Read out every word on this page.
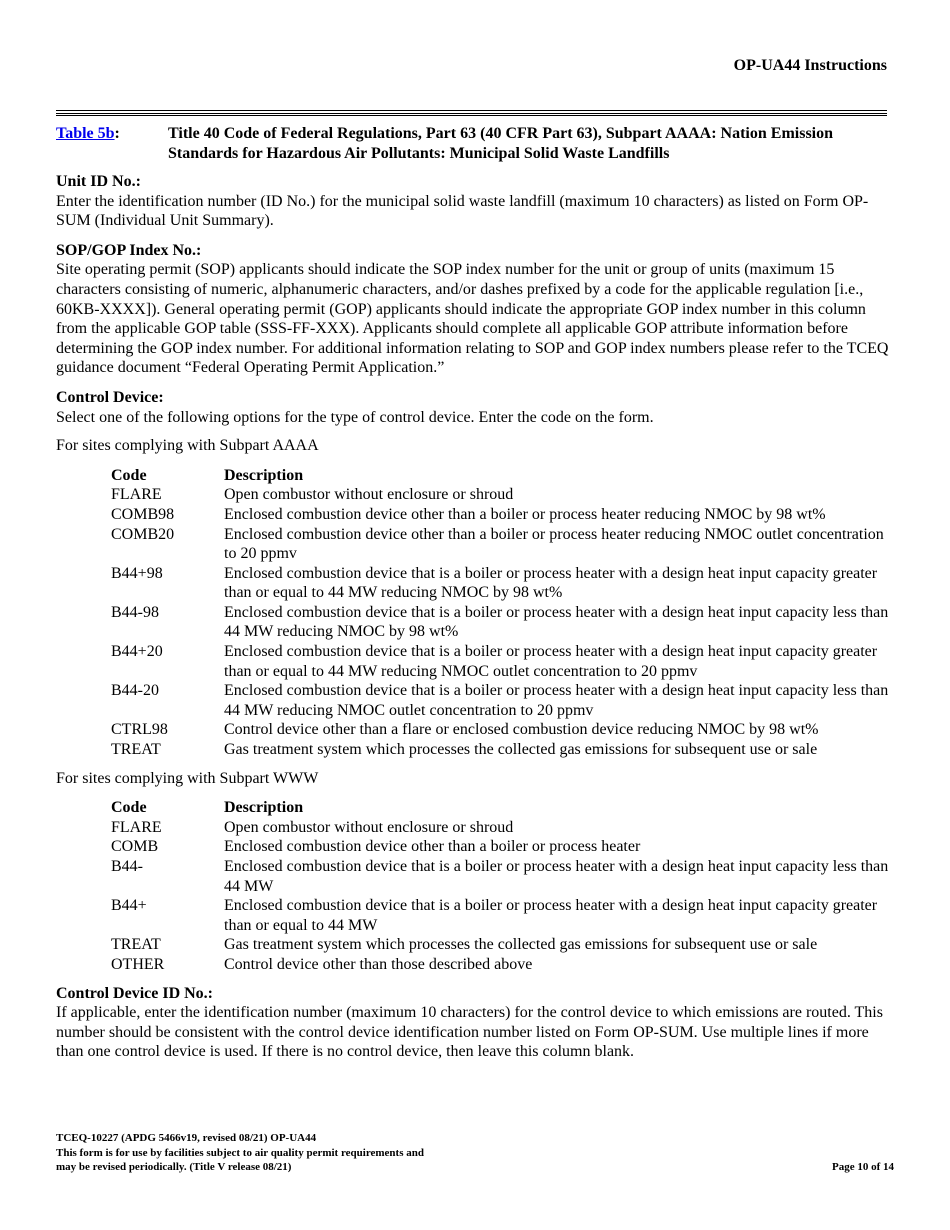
OP-UA44 Instructions
Table 5b:	Title 40 Code of Federal Regulations, Part 63 (40 CFR Part 63), Subpart AAAA: Nation Emission
Standards for Hazardous Air Pollutants: Municipal Solid Waste Landfills

Unit ID No.:

Enter the identification number (ID No.) for the municipal solid waste landfill (maximum 10 characters) as listed on Form OP-SUM (Individual Unit Summary).

SOP/GOP Index No.:

Site operating permit (SOP) applicants should indicate the SOP index number for the unit or group of units (maximum 15 characters consisting of numeric, alphanumeric characters, and/or dashes prefixed by a code for the applicable regulation [i.e., 60KB-XXXX]). General operating permit (GOP) applicants should indicate the appropriate GOP index number in this column from the applicable GOP table (SSS-FF-XXX). Applicants should complete all applicable GOP attribute information before determining the GOP index number. For additional information relating to SOP and GOP index numbers please refer to the TCEQ guidance document “Federal Operating Permit Application.”

Control Device:

Select one of the following options for the type of control device. Enter the code on the form.

For sites complying with Subpart AAAA

Code	Description
FLARE	Open combustor without enclosure or shroud
COMB98	Enclosed combustion device other than a boiler or process heater reducing NMOC by 98 wt%
COMB20	Enclosed combustion device other than a boiler or process heater reducing NMOC outlet concentration to 20 ppmv
B44+98	Enclosed combustion device that is a boiler or process heater with a design heat input capacity greater than or equal to 44 MW reducing NMOC by 98 wt%
B44-98	Enclosed combustion device that is a boiler or process heater with a design heat input capacity less than 44 MW reducing NMOC by 98 wt%
B44+20	Enclosed combustion device that is a boiler or process heater with a design heat input capacity greater than or equal to 44 MW reducing NMOC outlet concentration to 20 ppmv
B44-20	Enclosed combustion device that is a boiler or process heater with a design heat input capacity less than 44 MW reducing NMOC outlet concentration to 20 ppmv
CTRL98	Control device other than a flare or enclosed combustion device reducing NMOC by 98 wt%
TREAT	Gas treatment system which processes the collected gas emissions for subsequent use or sale

For sites complying with Subpart WWW

Code	Description
FLARE	Open combustor without enclosure or shroud
COMB	Enclosed combustion device other than a boiler or process heater
B44-	Enclosed combustion device that is a boiler or process heater with a design heat input capacity less than 44 MW
B44+	Enclosed combustion device that is a boiler or process heater with a design heat input capacity greater than or equal to 44 MW
TREAT	Gas treatment system which processes the collected gas emissions for subsequent use or sale
OTHER	Control device other than those described above

Control Device ID No.:

If applicable, enter the identification number (maximum 10 characters) for the control device to which emissions are routed. This number should be consistent with the control device identification number listed on Form OP-SUM. Use multiple lines if more than one control device is used. If there is no control device, then leave this column blank.

TCEQ-10227 (APDG 5466v19, revised 08/21) OP-UA44
This form is for use by facilities subject to air quality permit requirements and
may be revised periodically. (Title V release 08/21)	Page 10 of 14
